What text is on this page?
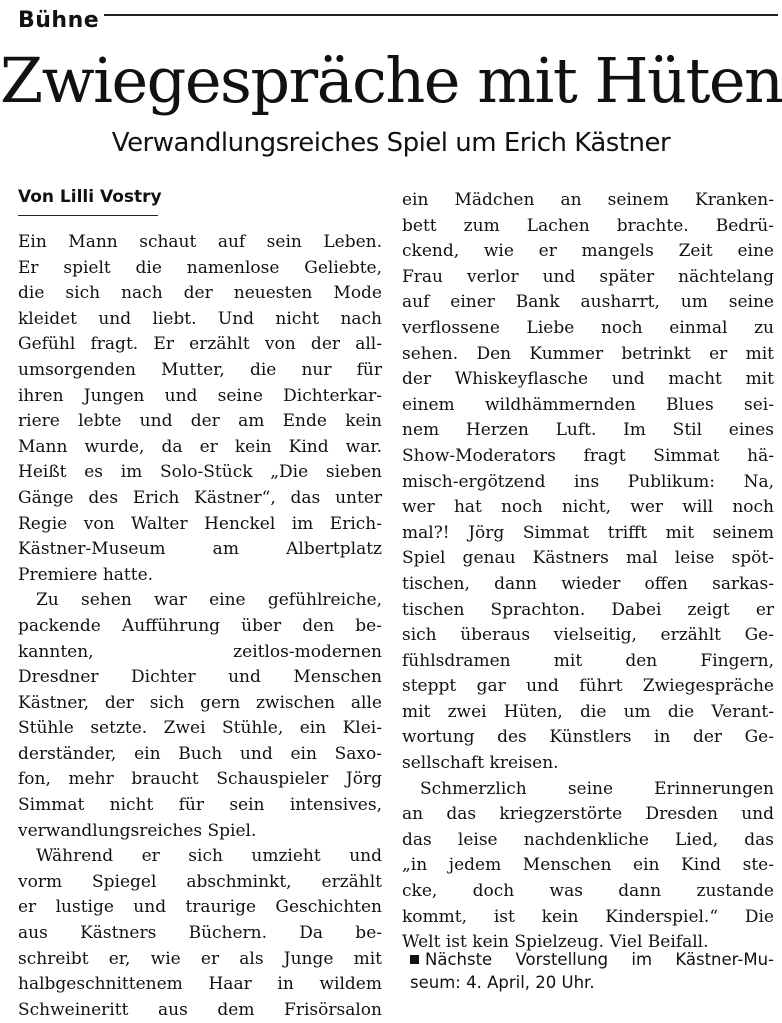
Bühne
Zwiegespräche mit Hüten
Verwandlungsreiches Spiel um Erich Kästner
Von Lilli Vostry
Ein Mann schaut auf sein Leben.
Er spielt die namenlose Geliebte,
die sich nach der neuesten Mode
kleidet und liebt. Und nicht nach
Gefühl fragt. Er erzählt von der all-
umsorgenden Mutter, die nur für
ihren Jungen und seine Dichterkar-
riere lebte und der am Ende kein
Mann wurde, da er kein Kind war.
Heißt es im Solo-Stück „Die sieben
Gänge des Erich Kästner“, das unter
Regie von Walter Henckel im Erich-
Kästner-Museum am Albertplatz
Premiere hatte.
Zu sehen war eine gefühlreiche,
packende Aufführung über den be-
kannten, zeitlos-modernen
Dresdner Dichter und Menschen
Kästner, der sich gern zwischen alle
Stühle setzte. Zwei Stühle, ein Klei-
derständer, ein Buch und ein Saxo-
fon, mehr braucht Schauspieler Jörg
Simmat nicht für sein intensives,
verwandlungsreiches Spiel.
Während er sich umzieht und
vorm Spiegel abschminkt, erzählt
er lustige und traurige Geschichten
aus Kästners Büchern. Da be-
schreibt er, wie er als Junge mit
halbgeschnittenem Haar in wildem
Schweineritt aus dem Frisörsalon
ein Mädchen an seinem Kranken-
bett zum Lachen brachte. Bedrü-
ckend, wie er mangels Zeit eine
Frau verlor und später nächtelang
auf einer Bank ausharrt, um seine
verflossene Liebe noch einmal zu
sehen. Den Kummer betrinkt er mit
der Whiskeyflasche und macht mit
einem wildhämmernden Blues sei-
nem Herzen Luft. Im Stil eines
Show-Moderators fragt Simmat hä-
misch-ergötzend ins Publikum: Na,
wer hat noch nicht, wer will noch
mal?! Jörg Simmat trifft mit seinem
Spiel genau Kästners mal leise spöt-
tischen, dann wieder offen sarkas-
tischen Sprachton. Dabei zeigt er
sich überaus vielseitig, erzählt Ge-
fühlsdramen mit den Fingern,
steppt gar und führt Zwiegespräche
mit zwei Hüten, die um die Verant-
wortung des Künstlers in der Ge-
sellschaft kreisen.
Schmerzlich seine Erinnerungen
an das kriegzerstörte Dresden und
das leise nachdenkliche Lied, das
„in jedem Menschen ein Kind ste-
cke, doch was dann zustande
kommt, ist kein Kinderspiel.“ Die
Welt ist kein Spielzeug. Viel Beifall.
Nächste Vorstellung im Kästner-Mu-
seum: 4. April, 20 Uhr.
